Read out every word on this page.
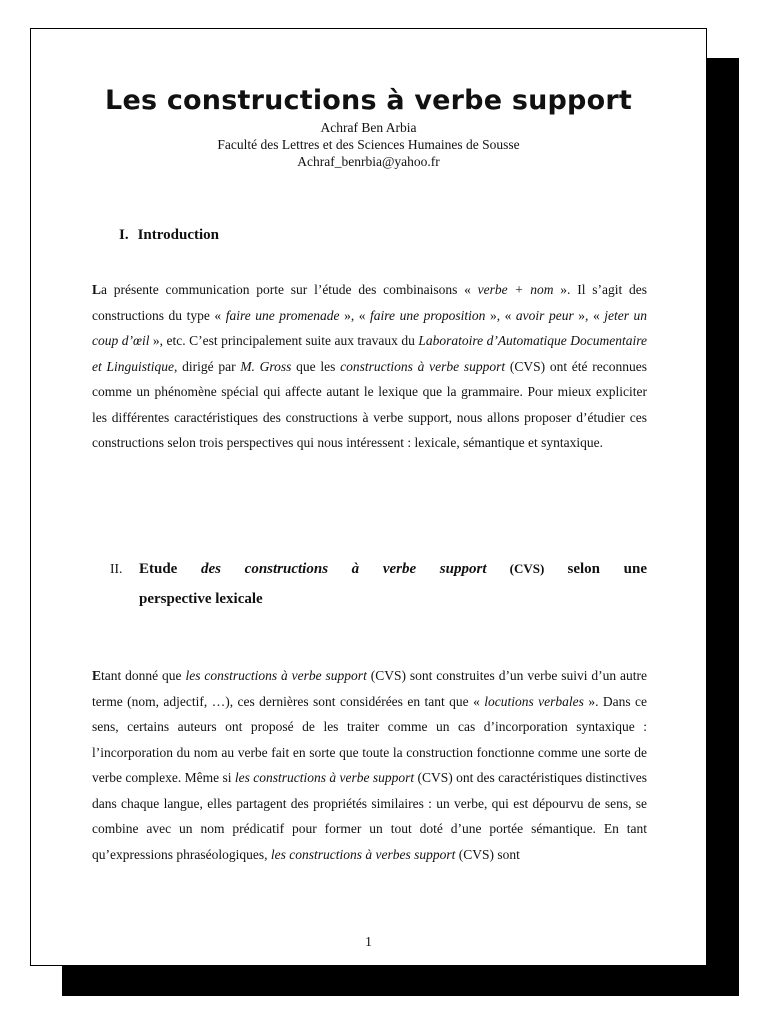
Les constructions à verbe support
Achraf Ben Arbia
Faculté des Lettres et des Sciences Humaines de Sousse
Achraf_benrbia@yahoo.fr
I. Introduction

La présente communication porte sur l’étude des combinaisons « verbe + nom ». Il s’agit des constructions du type « faire une promenade », « faire une proposition », « avoir peur », « jeter un coup d’œil », etc. C’est principalement suite aux travaux du Laboratoire d’Automatique Documentaire et Linguistique, dirigé par M. Gross que les constructions à verbe support (CVS) ont été reconnues comme un phénomène spécial qui affecte autant le lexique que la grammaire. Pour mieux expliciter les différentes caractéristiques des constructions à verbe support, nous allons proposer d’étudier ces constructions selon trois perspectives qui nous intéressent : lexicale, sémantique et syntaxique.

II. Etude des constructions à verbe support (CVS) selon une
perspective lexicale

Etant donné que les constructions à verbe support (CVS) sont construites d’un verbe suivi d’un autre terme (nom, adjectif, …), ces dernières sont considérées en tant que « locutions verbales ». Dans ce sens, certains auteurs ont proposé de les traiter comme un cas d’incorporation syntaxique : l’incorporation du nom au verbe fait en sorte que toute la construction fonctionne comme une sorte de verbe complexe. Même si les constructions à verbe support (CVS) ont des caractéristiques distinctives dans chaque langue, elles partagent des propriétés similaires : un verbe, qui est dépourvu de sens, se combine avec un nom prédicatif pour former un tout doté d’une portée sémantique. En tant qu’expressions phraséologiques, les constructions à verbes support (CVS) sont

1
